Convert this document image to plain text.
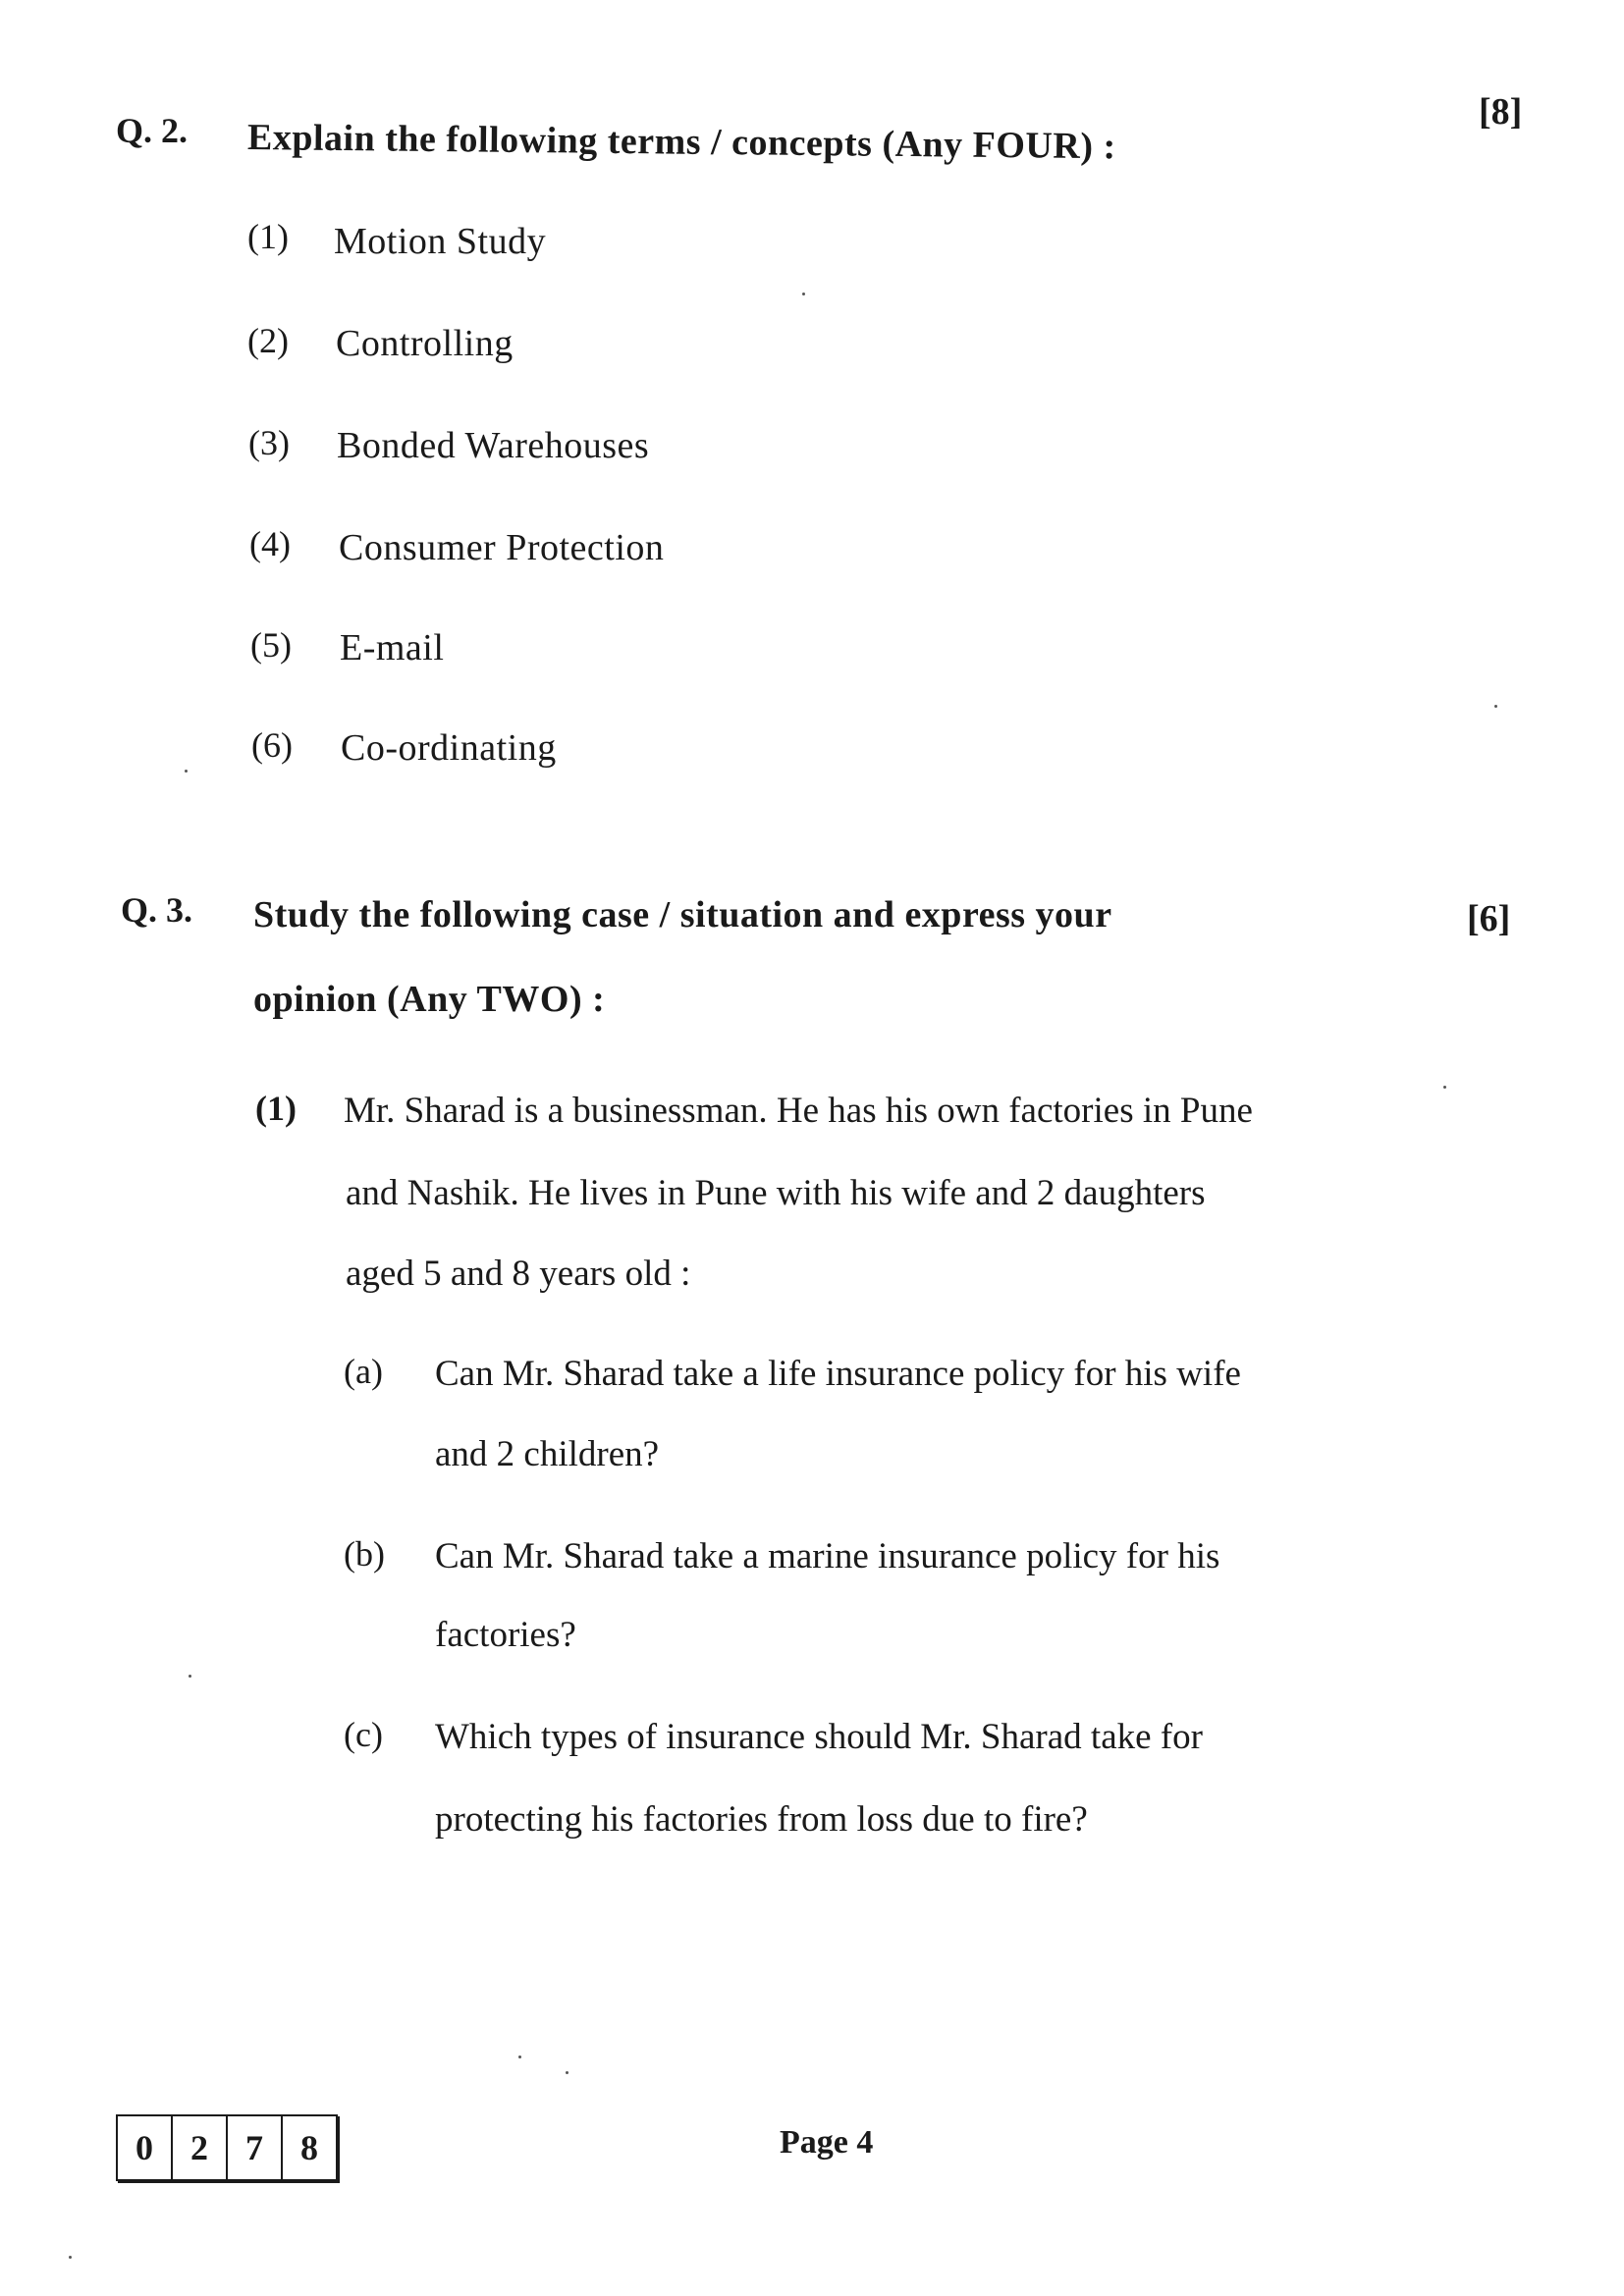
Q. 2. Explain the following terms / concepts (Any FOUR) :
[8]
(1) Motion Study
(2) Controlling
(3) Bonded Warehouses
(4) Consumer Protection
(5) E-mail
(6) Co-ordinating
Q. 3. Study the following case / situation and express your
opinion (Any TWO) :
[6]
(1) Mr. Sharad is a businessman. He has his own factories in Pune
and Nashik. He lives in Pune with his wife and 2 daughters
aged 5 and 8 years old :
(a) Can Mr. Sharad take a life insurance policy for his wife
and 2 children?
(b) Can Mr. Sharad take a marine insurance policy for his
factories?
(c) Which types of insurance should Mr. Sharad take for
protecting his factories from loss due to fire?
0	2	7	8	Page 4
